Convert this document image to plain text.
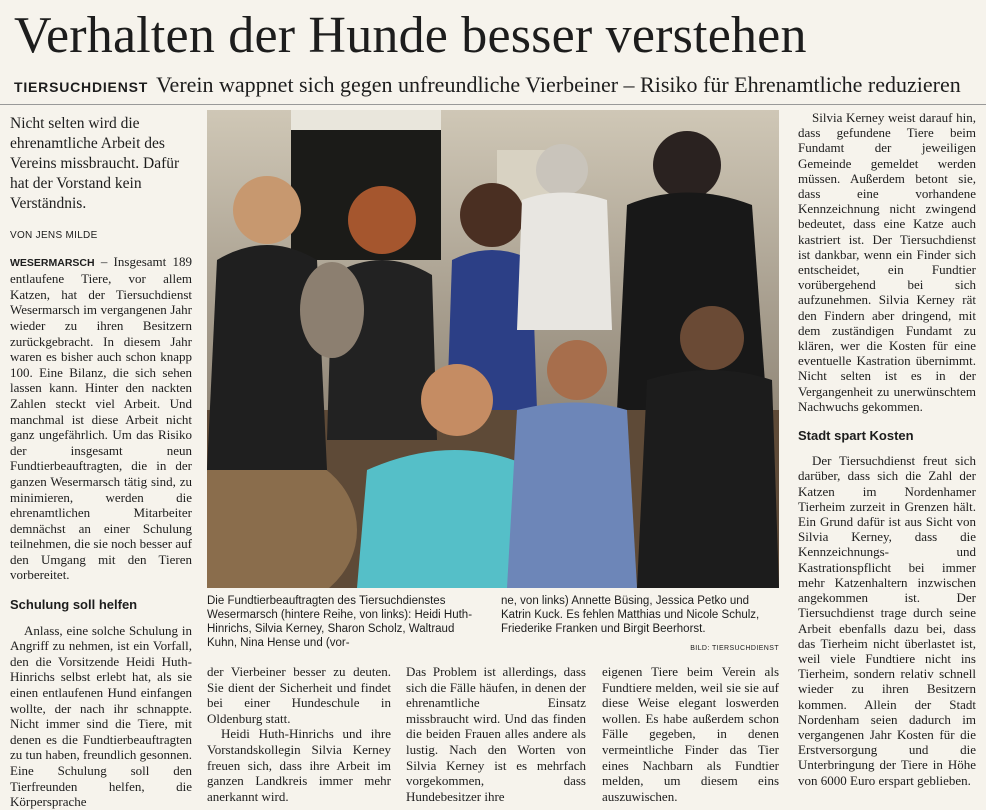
Verhalten der Hunde besser verstehen
TIERSUCHDIENST Verein wappnet sich gegen unfreundliche Vierbeiner – Risiko für Ehrenamtliche reduzieren
Nicht selten wird die ehrenamtliche Arbeit des Vereins missbraucht. Dafür hat der Vorstand kein Verständnis.
VON JENS MILDE

WESERMARSCH – Insgesamt 189 entlaufene Tiere, vor allem Katzen, hat der Tiersuchdienst Wesermarsch im vergangenen Jahr wieder zu ihren Besitzern zurückgebracht. In diesem Jahr waren es bisher auch schon knapp 100. Eine Bilanz, die sich sehen lassen kann. Hinter den nackten Zahlen steckt viel Arbeit. Und manchmal ist diese Arbeit nicht ganz ungefährlich. Um das Risiko der insgesamt neun Fundtierbeauftragten, die in der ganzen Wesermarsch tätig sind, zu minimieren, werden die ehrenamtlichen Mitarbeiter demnächst an einer Schulung teilnehmen, die sie noch besser auf den Umgang mit den Tieren vorbereitet.

Schulung soll helfen

Anlass, eine solche Schulung in Angriff zu nehmen, ist ein Vorfall, den die Vorsitzende Heidi Huth-Hinrichs selbst erlebt hat, als sie einen entlaufenen Hund einfangen wollte, der nach ihr schnappte. Nicht immer sind die Tiere, mit denen es die Fundtierbeauftragten zu tun haben, freundlich gesonnen. Eine Schulung soll den Tierfreunden helfen, die Körpersprache

Die Fundtierbeauftragten des Tiersuchdienstes Wesermarsch (hintere Reihe, von links): Heidi Huth-Hinrichs, Silvia Kerney, Sharon Scholz, Waltraud Kuhn, Nina Hense und (vor-
ne, von links) Annette Büsing, Jessica Petko und Katrin Kuck. Es fehlen Matthias und Nicole Schulz, Friederike Franken und Birgit Beerhorst.
BILD: TIERSUCHDIENST

der Vierbeiner besser zu deuten. Sie dient der Sicherheit und findet bei einer Hundeschule in Oldenburg statt.

Heidi Huth-Hinrichs und ihre Vorstandskollegin Silvia Kerney freuen sich, dass ihre Arbeit im ganzen Landkreis immer mehr anerkannt wird.

Das Problem ist allerdings, dass sich die Fälle häufen, in denen der ehrenamtliche Einsatz missbraucht wird. Und das finden die beiden Frauen alles andere als lustig. Nach den Worten von Silvia Kerney ist es mehrfach vorgekommen, dass Hundebesitzer ihre

eigenen Tiere beim Verein als Fundtiere melden, weil sie sie auf diese Weise elegant loswerden wollen. Es habe außerdem schon Fälle gegeben, in denen vermeintliche Finder das Tier eines Nachbarn als Fundtier melden, um diesem eins auszuwischen.

Silvia Kerney weist darauf hin, dass gefundene Tiere beim Fundamt der jeweiligen Gemeinde gemeldet werden müssen. Außerdem betont sie, dass eine vorhandene Kennzeichnung nicht zwingend bedeutet, dass eine Katze auch kastriert ist. Der Tiersuchdienst ist dankbar, wenn ein Finder sich entscheidet, ein Fundtier vorübergehend bei sich aufzunehmen. Silvia Kerney rät den Findern aber dringend, mit dem zuständigen Fundamt zu klären, wer die Kosten für eine eventuelle Kastration übernimmt. Nicht selten ist es in der Vergangenheit zu unerwünschtem Nachwuchs gekommen.

Stadt spart Kosten

Der Tiersuchdienst freut sich darüber, dass sich die Zahl der Katzen im Nordenhamer Tierheim zurzeit in Grenzen hält. Ein Grund dafür ist aus Sicht von Silvia Kerney, dass die Kennzeichnungs- und Kastrationspflicht bei immer mehr Katzenhaltern inzwischen angekommen ist. Der Tiersuchdienst trage durch seine Arbeit ebenfalls dazu bei, dass das Tierheim nicht überlastet ist, weil viele Fundtiere nicht ins Tierheim, sondern relativ schnell wieder zu ihren Besitzern kommen. Allein der Stadt Nordenham seien dadurch im vergangenen Jahr Kosten für die Erstversorgung und die Unterbringung der Tiere in Höhe von 6000 Euro erspart geblieben.
